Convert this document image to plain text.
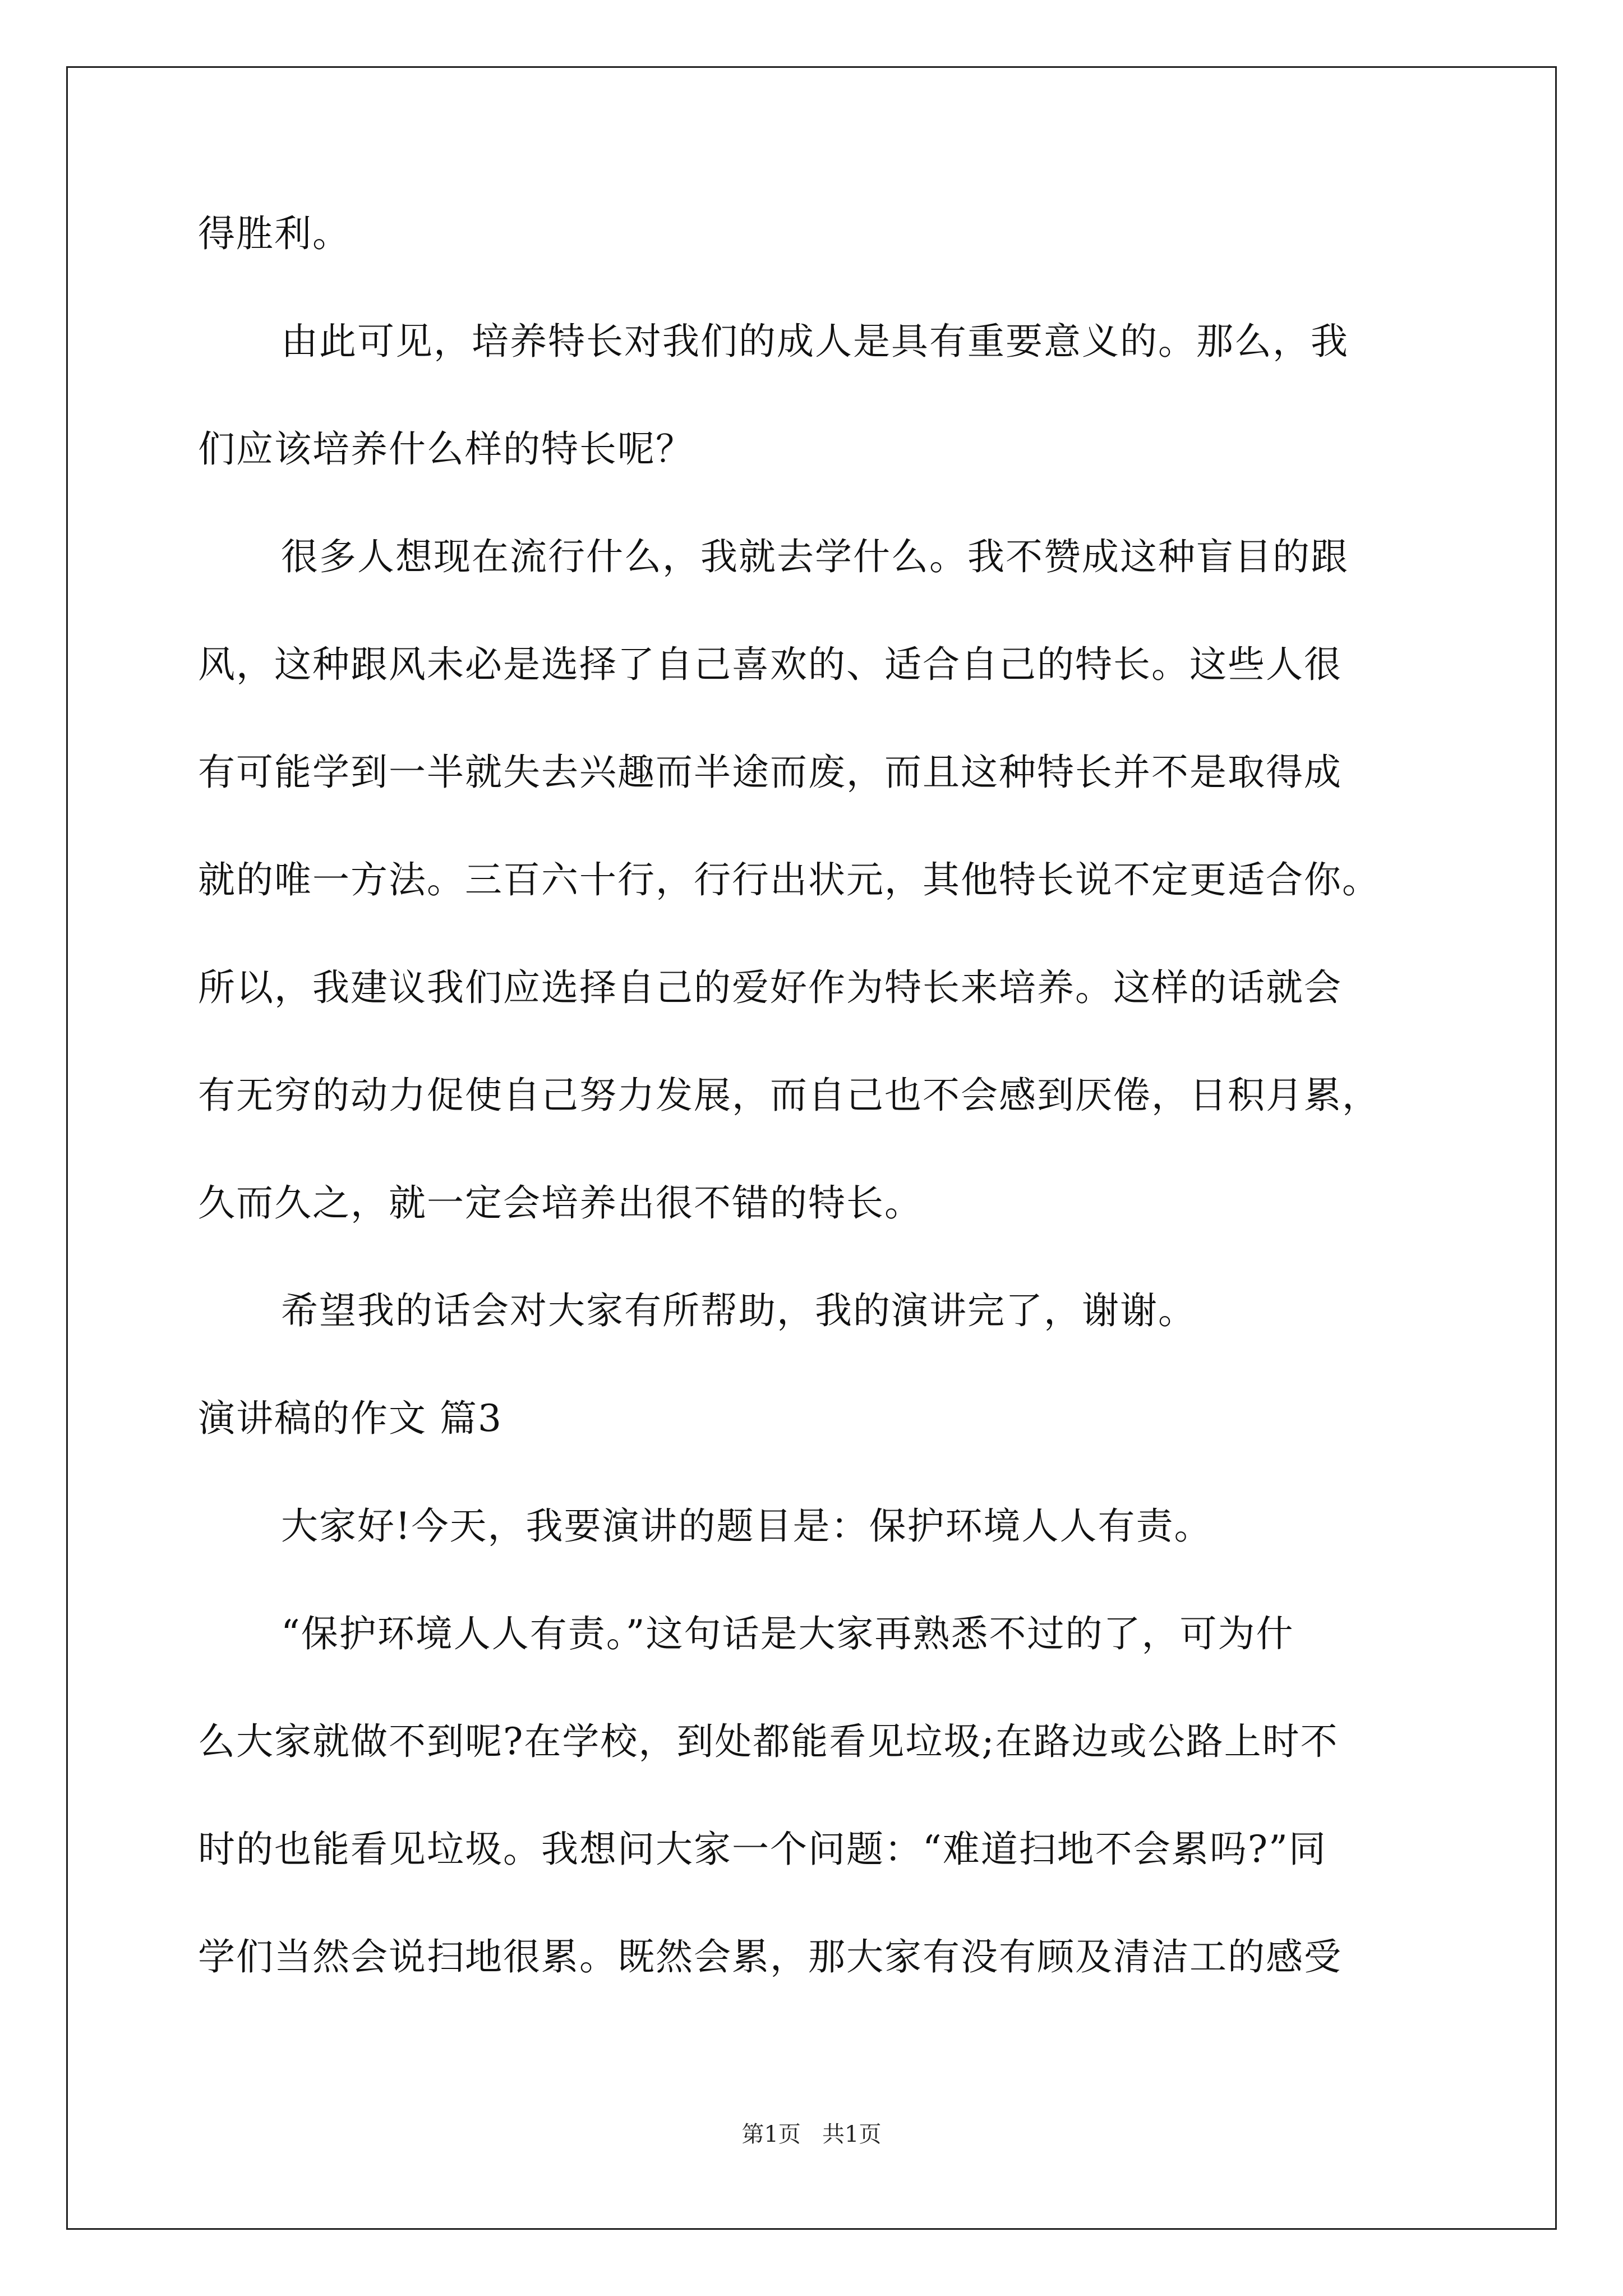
得胜利。

由此可见，培养特长对我们的成人是具有重要意义的。那么，我
们应该培养什么样的特长呢？

很多人想现在流行什么，我就去学什么。我不赞成这种盲目的跟
风，这种跟风未必是选择了自己喜欢的、适合自己的特长。这些人很
有可能学到一半就失去兴趣而半途而废，而且这种特长并不是取得成
就的唯一方法。三百六十行，行行出状元，其他特长说不定更适合你。
所以，我建议我们应选择自己的爱好作为特长来培养。这样的话就会
有无穷的动力促使自己努力发展，而自己也不会感到厌倦，日积月累，
久而久之，就一定会培养出很不错的特长。

希望我的话会对大家有所帮助，我的演讲完了，谢谢。

演讲稿的作文 篇3

大家好!今天，我要演讲的题目是：保护环境人人有责。

“保护环境人人有责。”这句话是大家再熟悉不过的了，可为什
么大家就做不到呢?在学校，到处都能看见垃圾;在路边或公路上时不
时的也能看见垃圾。我想问大家一个问题：“难道扫地不会累吗?”同
学们当然会说扫地很累。既然会累，那大家有没有顾及清洁工的感受

第1页   共1页
